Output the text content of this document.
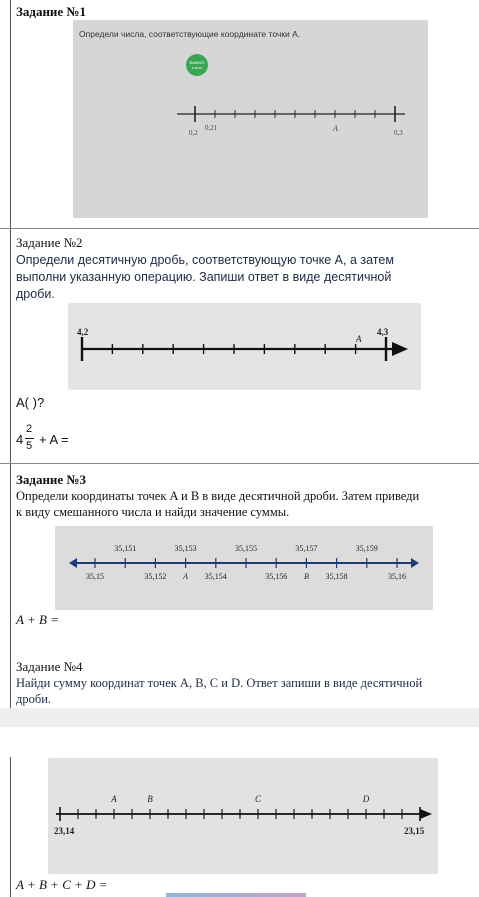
Задание №1
Определи числа, соответствующие координате точки A.
ВАЖНО
Lomo
0,2
0,21
0,3
A
Задание №2
Определи десятичную дробь, соответствующую точке A, а затем
выполни указанную операцию. Запиши ответ в виде десятичной
дроби.
4,2	4,3
A
A( )?
4
2
5 + A =
Задание №3
Определи координаты точек A и B в виде десятичной дроби. Затем приведи
к виду смешанного числа и найди значение суммы.
35,151	35,153	35,155	35,157	35,159
35,15	35,152 A 35,154	35,156 B 35,158	35,16
A + B =
Задание №4
Найди сумму координат точек A, B, C и D. Ответ запиши в виде десятичной
дроби.
A	B	C	D
23,14	23,15
A + B + C + D =
